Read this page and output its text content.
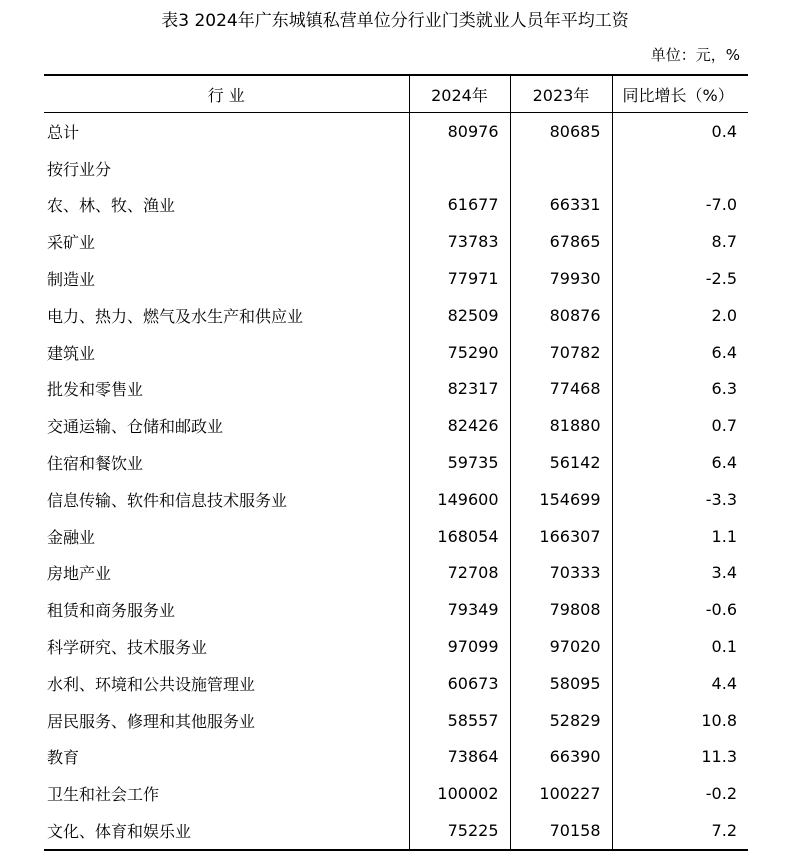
表3 2024年广东城镇私营单位分行业门类就业人员年平均工资
单位：元，%
行 业	2024年	2023年	同比增长（%）
总计	80976	80685	0.4
按行业分			
农、林、牧、渔业	61677	66331	-7.0
采矿业	73783	67865	8.7
制造业	77971	79930	-2.5
电力、热力、燃气及水生产和供应业	82509	80876	2.0
建筑业	75290	70782	6.4
批发和零售业	82317	77468	6.3
交通运输、仓储和邮政业	82426	81880	0.7
住宿和餐饮业	59735	56142	6.4
信息传输、软件和信息技术服务业	149600	154699	-3.3
金融业	168054	166307	1.1
房地产业	72708	70333	3.4
租赁和商务服务业	79349	79808	-0.6
科学研究、技术服务业	97099	97020	0.1
水利、环境和公共设施管理业	60673	58095	4.4
居民服务、修理和其他服务业	58557	52829	10.8
教育	73864	66390	11.3
卫生和社会工作	100002	100227	-0.2
文化、体育和娱乐业	75225	70158	7.2
